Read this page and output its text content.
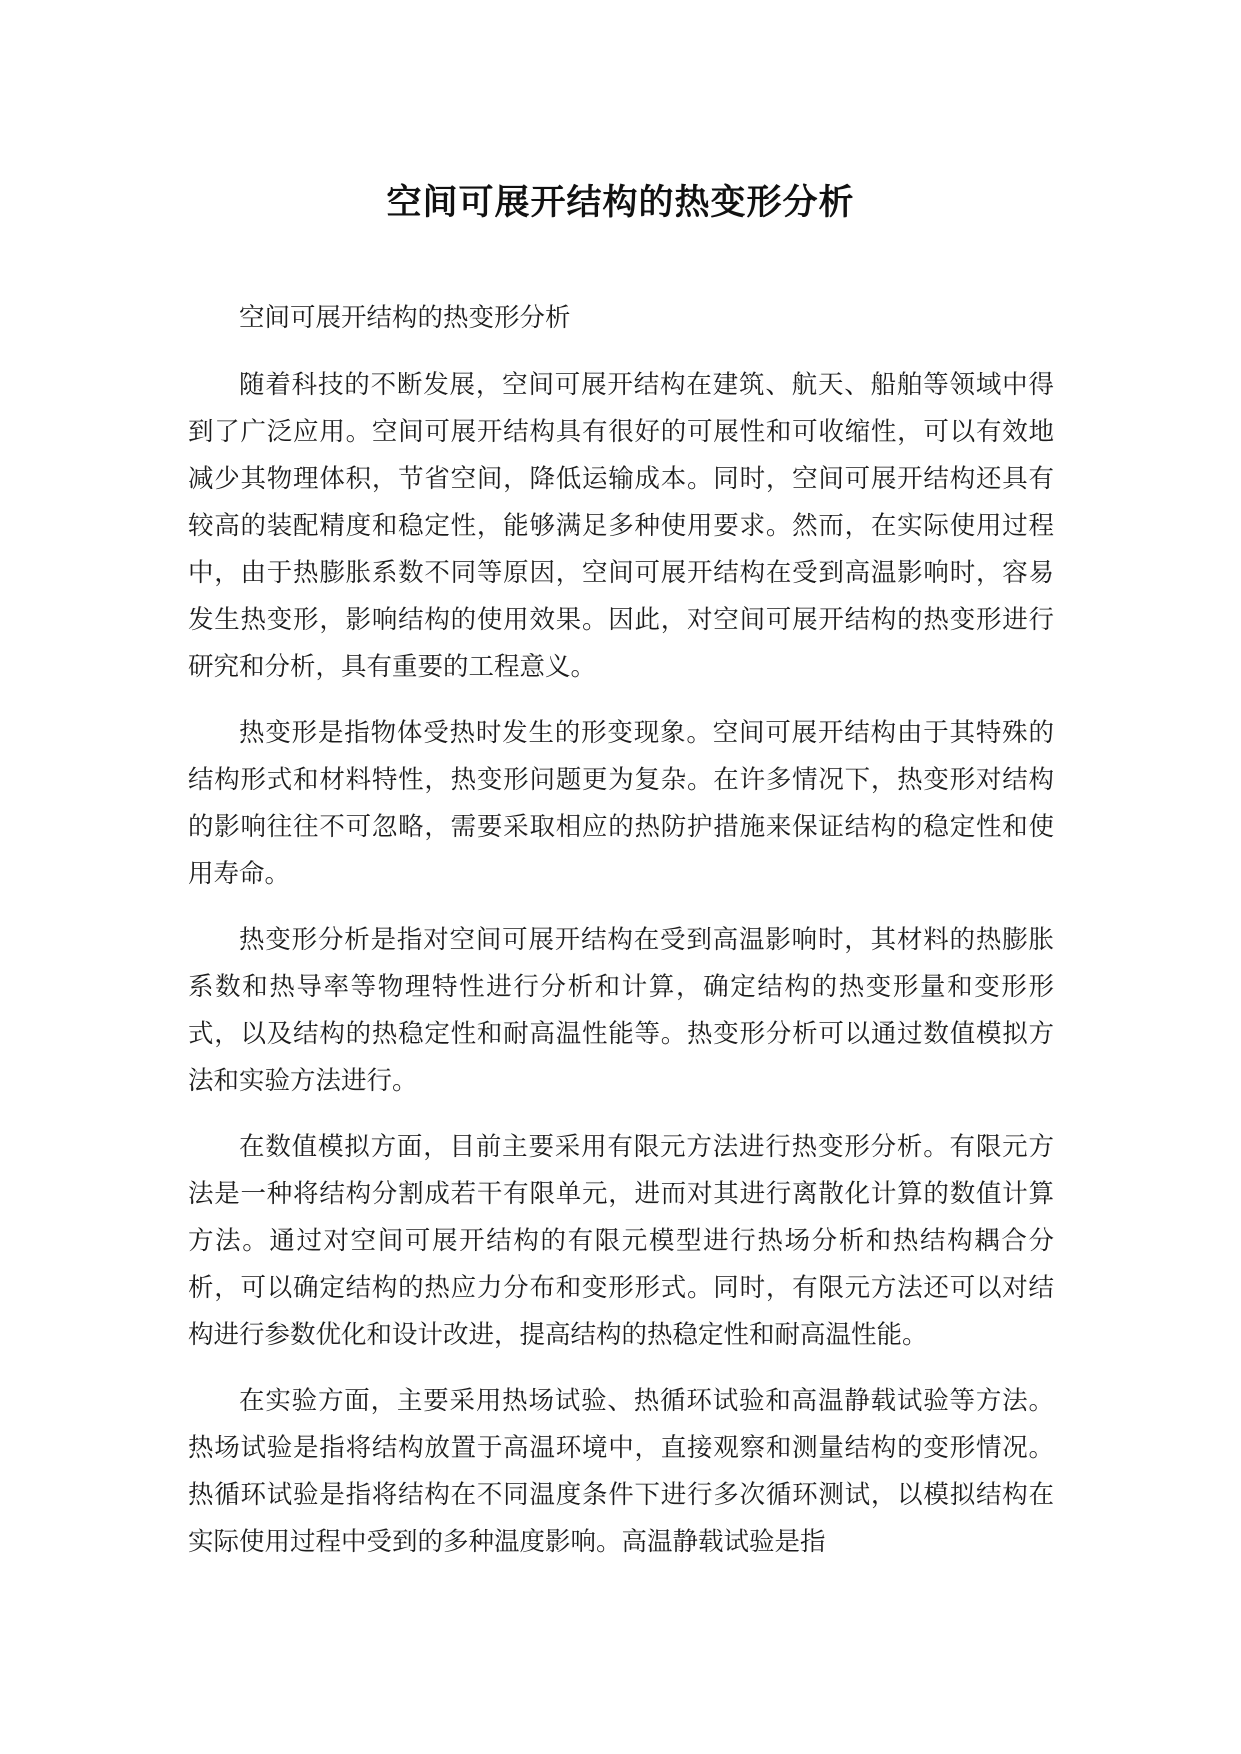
空间可展开结构的热变形分析

空间可展开结构的热变形分析

随着科技的不断发展，空间可展开结构在建筑、航天、船舶等领域中得到了广泛应用。空间可展开结构具有很好的可展性和可收缩性，可以有效地减少其物理体积，节省空间，降低运输成本。同时，空间可展开结构还具有较高的装配精度和稳定性，能够满足多种使用要求。然而，在实际使用过程中，由于热膨胀系数不同等原因，空间可展开结构在受到高温影响时，容易发生热变形，影响结构的使用效果。因此，对空间可展开结构的热变形进行研究和分析，具有重要的工程意义。

热变形是指物体受热时发生的形变现象。空间可展开结构由于其特殊的结构形式和材料特性，热变形问题更为复杂。在许多情况下，热变形对结构的影响往往不可忽略，需要采取相应的热防护措施来保证结构的稳定性和使用寿命。

热变形分析是指对空间可展开结构在受到高温影响时，其材料的热膨胀系数和热导率等物理特性进行分析和计算，确定结构的热变形量和变形形式，以及结构的热稳定性和耐高温性能等。热变形分析可以通过数值模拟方法和实验方法进行。

在数值模拟方面，目前主要采用有限元方法进行热变形分析。有限元方法是一种将结构分割成若干有限单元，进而对其进行离散化计算的数值计算方法。通过对空间可展开结构的有限元模型进行热场分析和热结构耦合分析，可以确定结构的热应力分布和变形形式。同时，有限元方法还可以对结构进行参数优化和设计改进，提高结构的热稳定性和耐高温性能。

在实验方面，主要采用热场试验、热循环试验和高温静载试验等方法。热场试验是指将结构放置于高温环境中，直接观察和测量结构的变形情况。热循环试验是指将结构在不同温度条件下进行多次循环测试，以模拟结构在实际使用过程中受到的多种温度影响。高温静载试验是指
